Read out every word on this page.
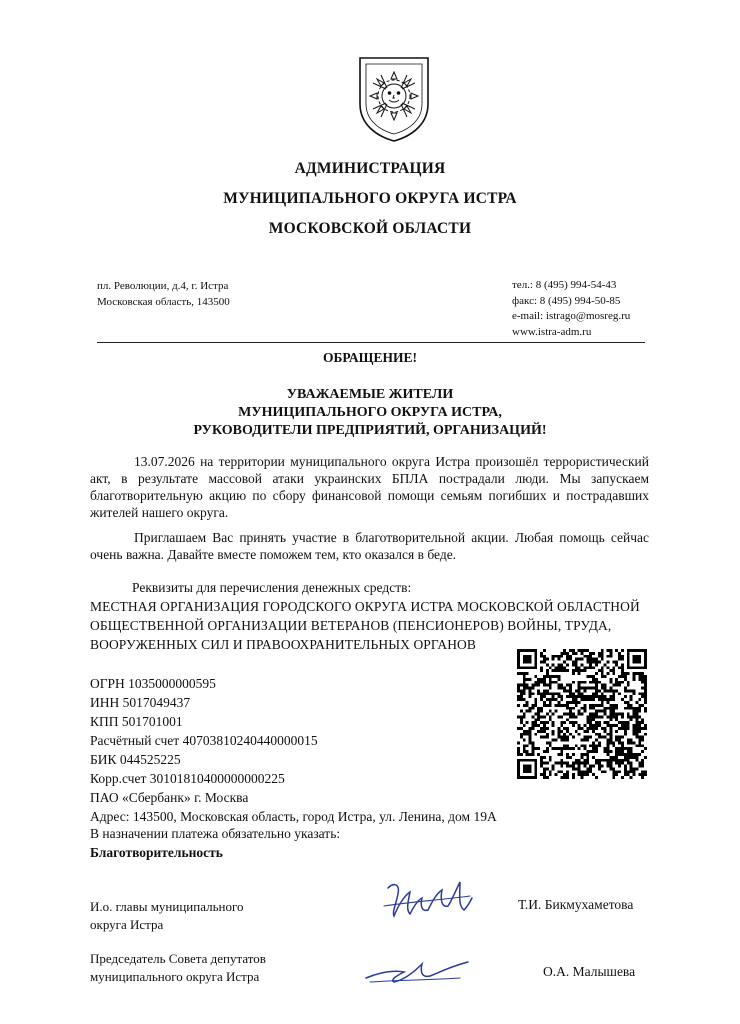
АДМИНИСТРАЦИЯ
МУНИЦИПАЛЬНОГО ОКРУГА ИСТРА
МОСКОВСКОЙ ОБЛАСТИ
пл. Революции, д.4, г. Истра
Московская область, 143500
тел.: 8 (495) 994-54-43
факс: 8 (495) 994-50-85
e-mail: istrago@mosreg.ru
www.istra-adm.ru
ОБРАЩЕНИЕ!
УВАЖАЕМЫЕ ЖИТЕЛИ
МУНИЦИПАЛЬНОГО ОКРУГА ИСТРА,
РУКОВОДИТЕЛИ ПРЕДПРИЯТИЙ, ОРГАНИЗАЦИЙ!
13.07.2026 на территории муниципального округа Истра произошёл террористический акт, в результате массовой атаки украинских БПЛА пострадали люди. Мы запускаем благотворительную акцию по сбору финансовой помощи семьям погибших и пострадавших жителей нашего округа.
Приглашаем Вас принять участие в благотворительной акции. Любая помощь сейчас очень важна. Давайте вместе поможем тем, кто оказался в беде.
Реквизиты для перечисления денежных средств:
МЕСТНАЯ ОРГАНИЗАЦИЯ ГОРОДСКОГО ОКРУГА ИСТРА МОСКОВСКОЙ ОБЛАСТНОЙ ОБЩЕСТВЕННОЙ ОРГАНИЗАЦИИ ВЕТЕРАНОВ (ПЕНСИОНЕРОВ) ВОЙНЫ, ТРУДА, ВООРУЖЕННЫХ СИЛ И ПРАВООХРАНИТЕЛЬНЫХ ОРГАНОВ
ОГРН 1035000000595
ИНН 5017049437
КПП 501701001
Расчётный счет 40703810240440000015
БИК 044525225
Корр.счет 30101810400000000225
ПАО «Сбербанк» г. Москва
Адрес: 143500, Московская область, город Истра, ул. Ленина, дом 19А
В назначении платежа обязательно указать:
Благотворительность
И.о. главы муниципального
округа Истра
Т.И. Бикмухаметова
Председатель Совета депутатов
муниципального округа Истра	О.А. Малышева
